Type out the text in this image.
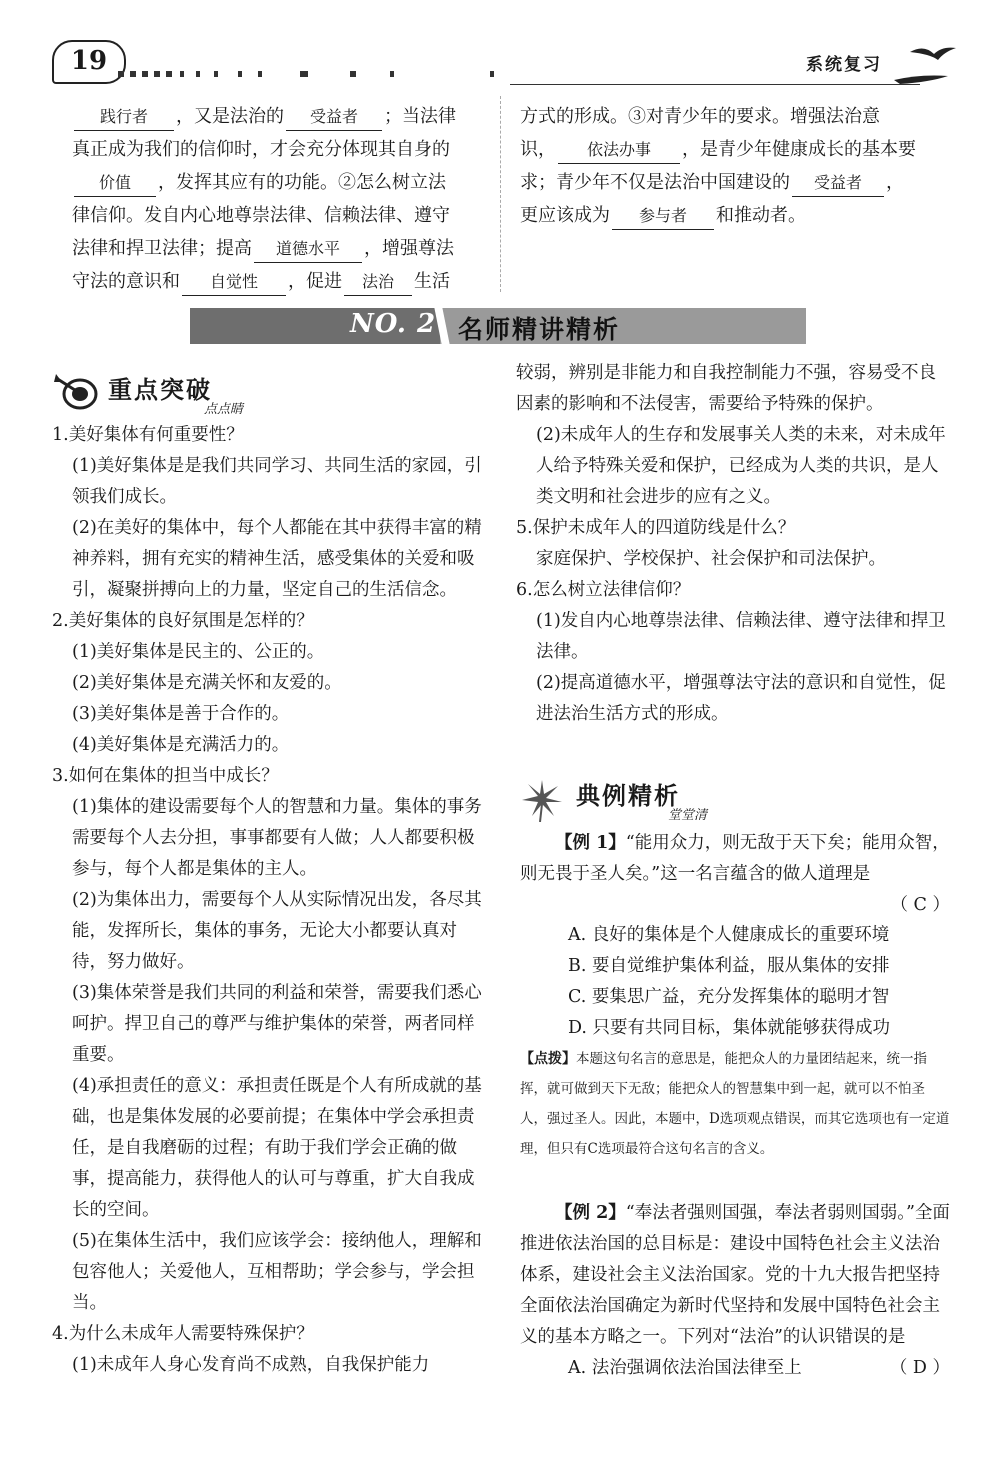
19	系统复习

践行者 ，又是法治的 受益者 ；当法律

真正成为我们的信仰时，才会充分体现其自身的

价值 ，发挥其应有的功能。②怎么树立法

律信仰。发自内心地尊崇法律、信赖法律、遵守

法律和捍卫法律；提高 道德水平 ，增强尊法

守法的意识和 自觉性 ，促进 法治 生活

方式的形成。③对青少年的要求。增强法治意

识， 依法办事 ，是青少年健康成长的基本要

求；青少年不仅是法治中国建设的 受益者 ，

更应该成为 参与者 和推动者。

NO. 2 名师精讲精析
重点突破
点点睛

1.美好集体有何重要性？

(1)美好集体是是我们共同学习、共同生活的家园，引领我们成长。

(2)在美好的集体中，每个人都能在其中获得丰富的精神养料，拥有充实的精神生活，感受集体的关爱和吸引，凝聚拼搏向上的力量，坚定自己的生活信念。

2.美好集体的良好氛围是怎样的？

(1)美好集体是民主的、公正的。

(2)美好集体是充满关怀和友爱的。

(3)美好集体是善于合作的。

(4)美好集体是充满活力的。

3.如何在集体的担当中成长？

(1)集体的建设需要每个人的智慧和力量。集体的事务需要每个人去分担，事事都要有人做；人人都要积极参与，每个人都是集体的主人。

(2)为集体出力，需要每个人从实际情况出发，各尽其能，发挥所长，集体的事务，无论大小都要认真对待，努力做好。

(3)集体荣誉是我们共同的利益和荣誉，需要我们悉心呵护。捍卫自己的尊严与维护集体的荣誉，两者同样重要。

(4)承担责任的意义：承担责任既是个人有所成就的基础，也是集体发展的必要前提；在集体中学会承担责任，是自我磨砺的过程；有助于我们学会正确的做事，提高能力，获得他人的认可与尊重，扩大自我成长的空间。

(5)在集体生活中，我们应该学会：接纳他人，理解和包容他人；关爱他人，互相帮助；学会参与，学会担当。

4.为什么未成年人需要特殊保护？

(1)未成年人身心发育尚不成熟，自我保护能力

较弱，辨别是非能力和自我控制能力不强，容易受不良因素的影响和不法侵害，需要给予特殊的保护。

(2)未成年人的生存和发展事关人类的未来，对未成年人给予特殊关爱和保护，已经成为人类的共识，是人类文明和社会进步的应有之义。

5.保护未成年人的四道防线是什么？

家庭保护、学校保护、社会保护和司法保护。

6.怎么树立法律信仰？

(1)发自内心地尊崇法律、信赖法律、遵守法律和捍卫法律。

(2)提高道德水平，增强尊法守法的意识和自觉性，促进法治生活方式的形成。

典例精析
堂堂清

【例 1】“能用众力，则无敌于天下矣；能用众智，则无畏于圣人矣。”这一名言蕴含的做人道理是

（ C ）

A. 良好的集体是个人健康成长的重要环境

B. 要自觉维护集体利益，服从集体的安排

C. 要集思广益，充分发挥集体的聪明才智

D. 只要有共同目标，集体就能够获得成功

【点拨】本题这句名言的意思是，能把众人的力量团结起来，统一指挥，就可做到天下无敌；能把众人的智慧集中到一起，就可以不怕圣人，强过圣人。因此，本题中，D选项观点错误，而其它选项也有一定道理，但只有C选项最符合这句名言的含义。

【例 2】“奉法者强则国强，奉法者弱则国弱。”全面推进依法治国的总目标是：建设中国特色社会主义法治体系，建设社会主义法治国家。党的十九大报告把坚持全面依法治国确定为新时代坚持和发展中国特色社会主义的基本方略之一。下列对“法治”的认识错误的是
（ D ）

A. 法治强调依法治国法律至上
